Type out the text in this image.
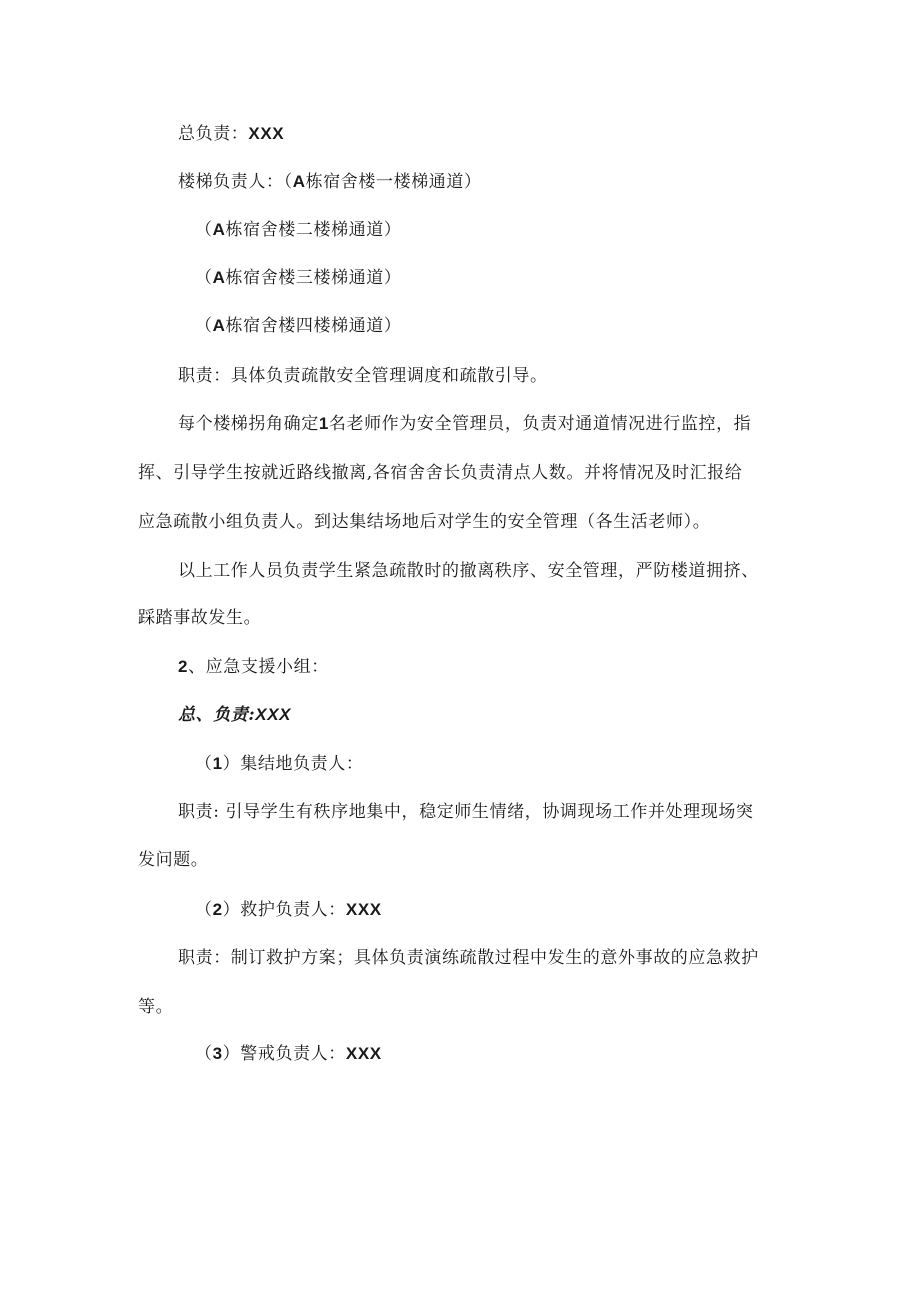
总负责：XXX
楼梯负责人：（A栋宿舍楼一楼梯通道）
（A栋宿舍楼二楼梯通道）
（A栋宿舍楼三楼梯通道）
（A栋宿舍楼四楼梯通道）
职责：具体负责疏散安全管理调度和疏散引导。
每个楼梯拐角确定1名老师作为安全管理员，负责对通道情况进行监控，指
挥、引导学生按就近路线撤离,各宿舍舍长负责清点人数。并将情况及时汇报给
应急疏散小组负责人。到达集结场地后对学生的安全管理（各生活老师）。
以上工作人员负责学生紧急疏散时的撤离秩序、安全管理，严防楼道拥挤、
踩踏事故发生。
2、应急支援小组：
总、负责:XXX
（1）集结地负责人：
职责: 引导学生有秩序地集中，稳定师生情绪，协调现场工作并处理现场突
发问题。
（2）救护负责人：XXX
职责：制订救护方案；具体负责演练疏散过程中发生的意外事故的应急救护
等。
（3）警戒负责人：XXX
